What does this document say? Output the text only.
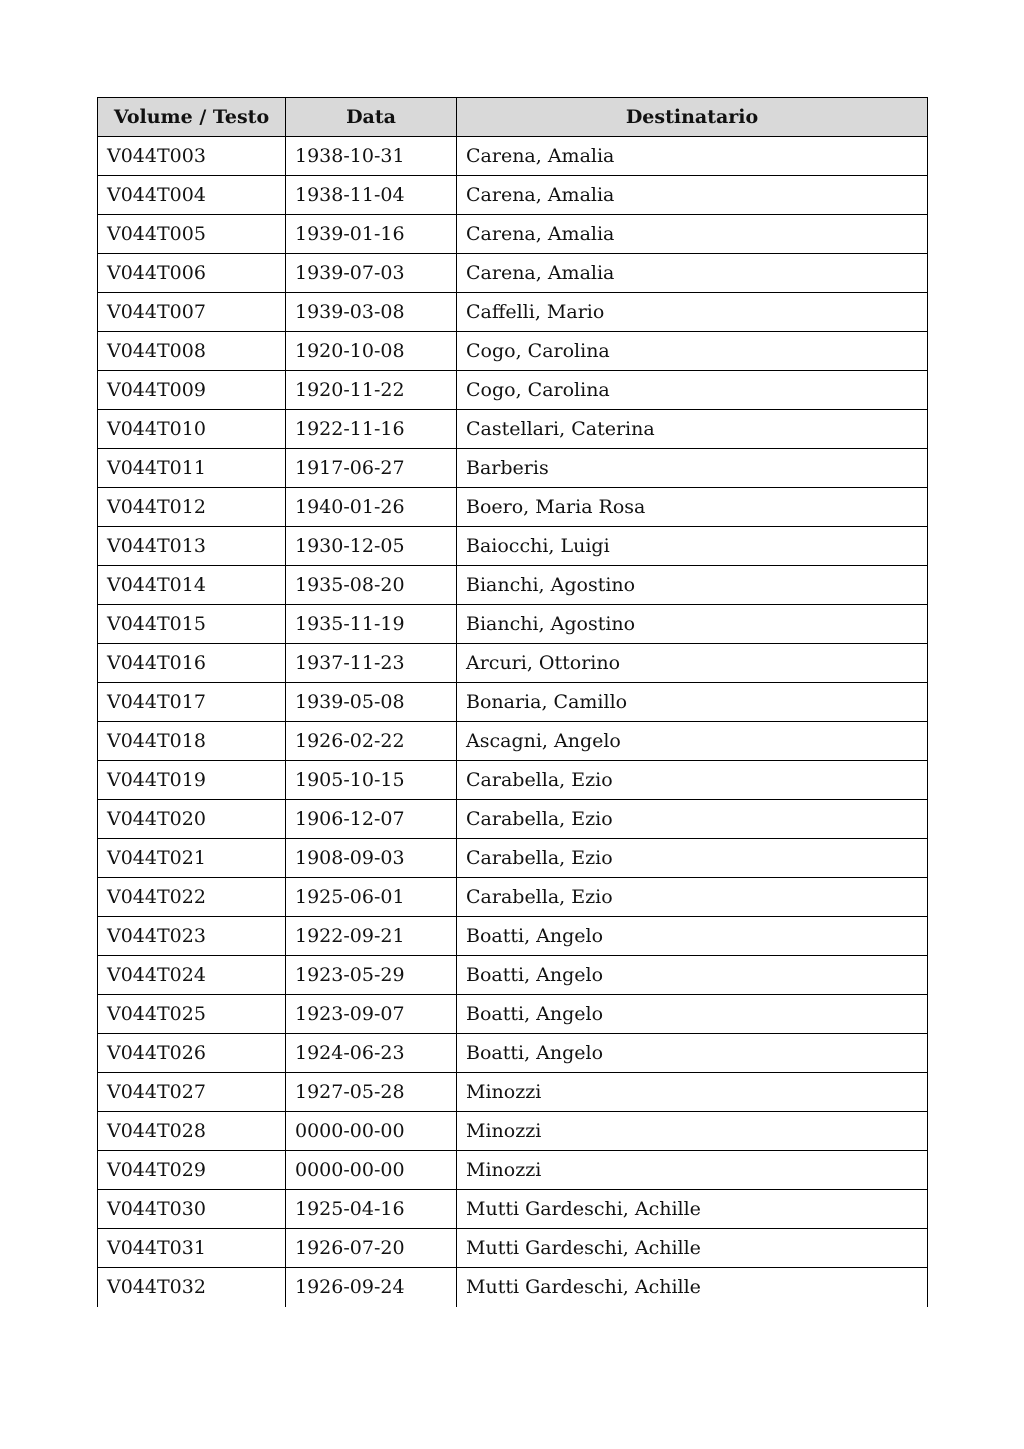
Volume / Testo	Data	Destinatario
V044T003	1938-10-31	Carena, Amalia
V044T004	1938-11-04	Carena, Amalia
V044T005	1939-01-16	Carena, Amalia
V044T006	1939-07-03	Carena, Amalia
V044T007	1939-03-08	Caffelli, Mario
V044T008	1920-10-08	Cogo, Carolina
V044T009	1920-11-22	Cogo, Carolina
V044T010	1922-11-16	Castellari, Caterina
V044T011	1917-06-27	Barberis
V044T012	1940-01-26	Boero, Maria Rosa
V044T013	1930-12-05	Baiocchi, Luigi
V044T014	1935-08-20	Bianchi, Agostino
V044T015	1935-11-19	Bianchi, Agostino
V044T016	1937-11-23	Arcuri, Ottorino
V044T017	1939-05-08	Bonaria, Camillo
V044T018	1926-02-22	Ascagni, Angelo
V044T019	1905-10-15	Carabella, Ezio
V044T020	1906-12-07	Carabella, Ezio
V044T021	1908-09-03	Carabella, Ezio
V044T022	1925-06-01	Carabella, Ezio
V044T023	1922-09-21	Boatti, Angelo
V044T024	1923-05-29	Boatti, Angelo
V044T025	1923-09-07	Boatti, Angelo
V044T026	1924-06-23	Boatti, Angelo
V044T027	1927-05-28	Minozzi
V044T028	0000-00-00	Minozzi
V044T029	0000-00-00	Minozzi
V044T030	1925-04-16	Mutti Gardeschi, Achille
V044T031	1926-07-20	Mutti Gardeschi, Achille
V044T032	1926-09-24	Mutti Gardeschi, Achille
